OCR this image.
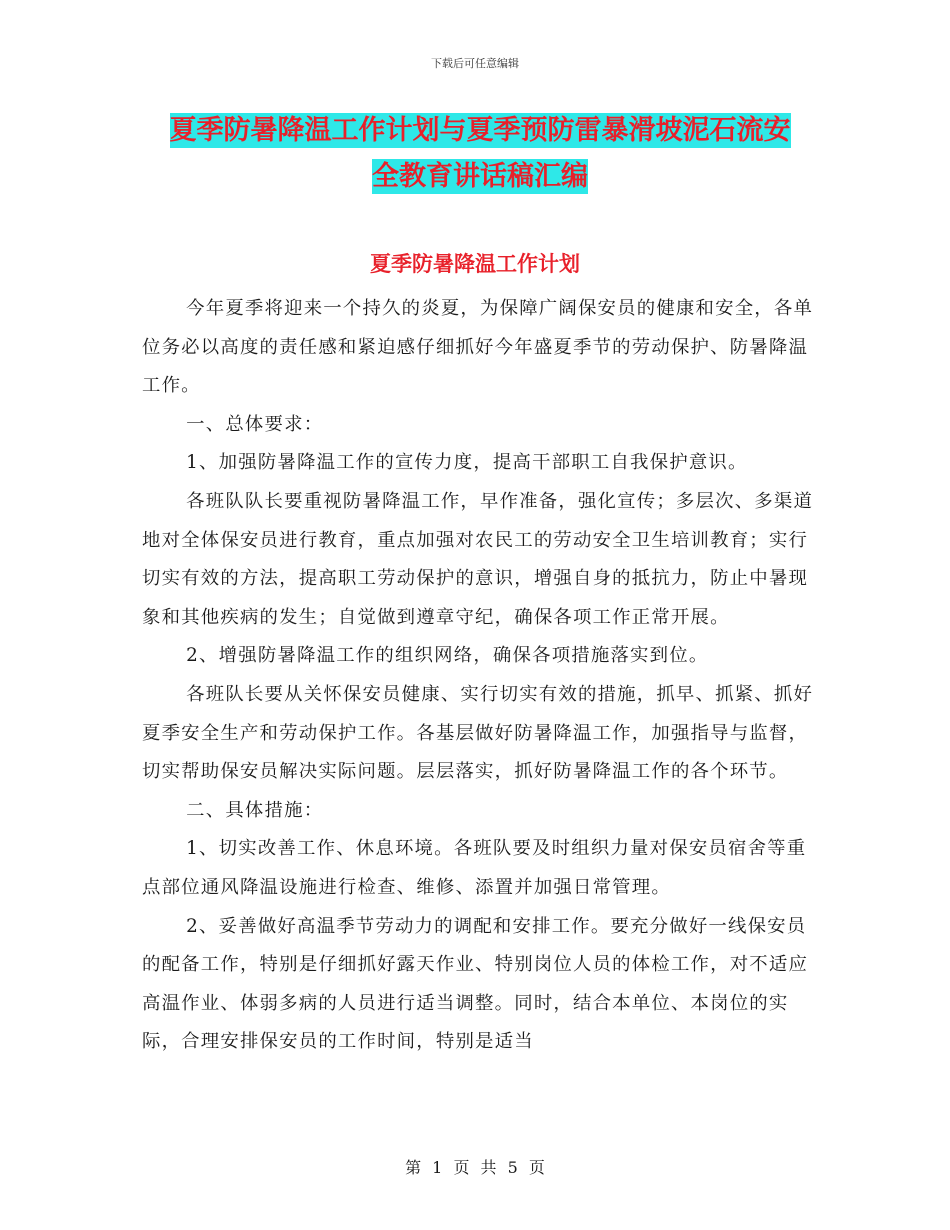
下载后可任意编辑
夏季防暑降温工作计划与夏季预防雷暴滑坡泥石流安
全教育讲话稿汇编
夏季防暑降温工作计划

今年夏季将迎来一个持久的炎夏，为保障广阔保安员的健康和安全，各单位务必以高度的责任感和紧迫感仔细抓好今年盛夏季节的劳动保护、防暑降温工作。

一、总体要求：

1、加强防暑降温工作的宣传力度，提高干部职工自我保护意识。

各班队队长要重视防暑降温工作，早作准备，强化宣传；多层次、多渠道地对全体保安员进行教育，重点加强对农民工的劳动安全卫生培训教育；实行切实有效的方法，提高职工劳动保护的意识，增强自身的抵抗力，防止中暑现象和其他疾病的发生；自觉做到遵章守纪，确保各项工作正常开展。

2、增强防暑降温工作的组织网络，确保各项措施落实到位。

各班队长要从关怀保安员健康、实行切实有效的措施，抓早、抓紧、抓好夏季安全生产和劳动保护工作。各基层做好防暑降温工作，加强指导与监督，切实帮助保安员解决实际问题。层层落实，抓好防暑降温工作的各个环节。

二、具体措施：

1、切实改善工作、休息环境。各班队要及时组织力量对保安员宿舍等重点部位通风降温设施进行检查、维修、添置并加强日常管理。

2、妥善做好高温季节劳动力的调配和安排工作。要充分做好一线保安员的配备工作，特别是仔细抓好露天作业、特别岗位人员的体检工作，对不适应高温作业、体弱多病的人员进行适当调整。同时，结合本单位、本岗位的实际，合理安排保安员的工作时间，特别是适当

第 1 页 共 5 页
